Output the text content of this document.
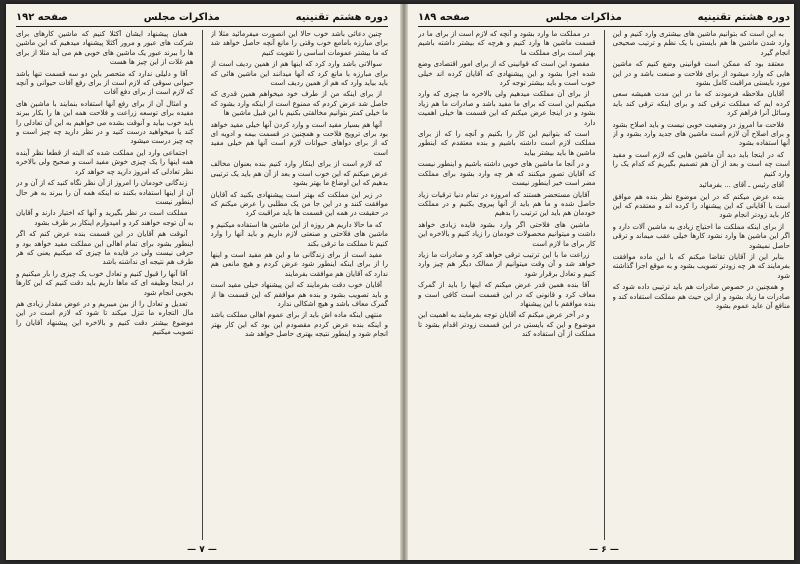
دوره هشتم تقنینیه
مذاکرات مجلس
صفحه ۱۹۲

چنین دعائی باشد خوب حالا این انصورت میفرمائید مثلا از برای مبارزه بامامع خوب وقتی را مانع آنچه حاصل خواهد شد که ما بیشتر عمومات اساسی را تقویت کنیم

سوالاتی باشد وارد کرد که اینها هم از همین ردیف است از برای مبارزه با مانع کرد که آنها میدانند این ماشین هائی که باید بیاید وارد که هم از همین ردیف است

از برای اینکه من از طرف خود میخواهم همین قدری که حاصل شد عرض کردم که ممنوع است از اینکه وارد بشود که ما خیلی کمتر بتوانیم مخالفتی بکنیم با این قبیل ماشین ها

آنها هم بسیار مفید است و وارد کردن آنها خیلی مفید خواهد بود برای ترویج فلاحت و همچنین در قسمت بیمه و ادویه ای که از برای دواهای حیوانات لازم است آنها هم خیلی مفید است

که لازم است از برای اینکار وارد کنیم بنده بعنوان مخالف عرض میکنم که این خوب است و بعد از آن هم باید یک ترتیبی بدهیم که این اوضاع ما بهتر بشود

در زیر این مملکت که بهتر است پیشنهادی بکنید که آقایان موافقت کنند و در این جا من یک مطلبی را عرض میکنم که در حقیقت در همه این قسمت ها باید مراقبت کرد

که ما حالا داریم هر روزه از این ماشین ها استفاده میکنیم و ماشین های فلاحتی و صنعتی لازم داریم و باید آنها را وارد کنیم تا مملکت ما ترقی بکند

مفید است از برای زندگانی ما و این هم مفید است و اینها را از برای اینکه اینطور شود عرض کردم و هیچ مانعی هم ندارد که آقایان هم موافقت بفرمایند

آقایان خوب دقت بفرمایند که این پیشنهاد خیلی مفید است و باید تصویب بشود و بنده هم موافقم که این قسمت ها از گمرک معاف باشد و هیچ اشکالی ندارد

منتهی اینکه ماده اش باید از برای عموم اهالی مملکت باشد و اینکه بنده عرض کردم مقصودم این بود که این کار بهتر انجام شود و اینطور نتیجه بهتری حاصل خواهد شد

همان پیشنهاد ایشان آکثلا کنیم که ماشین کارهای برای شرکت های عبور و مرور آکثلا پیشنهاد میدهیم که این ماشین ها را ببرند عبور یک ماشین های خوبی هم می آید مثلا از برای هم غلات از این چیز ها هست

آقا و دلیلی ندارد که متحصر باین دو سه قسمت تنها باشد حیوانی سوقی که لازم است از برای رفع آفات حیوانی و آنچه که لازم است از برای دفع آفات

و امثال آن از برای رفع آنها استفاده بنمایند با ماشین های مفیده برای توسعه زراعت و فلاحت همه این ها را بکار ببرند باید خوب بیاید و آنوقت بشده می خواهیم به این آن تعادلی را کند یا میخواهید درست کنید و در نظر دارید چه چیز است و چه چیز درست میشود

اجتماعی وارد این مملکت شده که البته از قطعا نظر آینده همه اینها را یک چیزی خوش مفید است و صحیح ولی بالاخره نظر تعادلی که امروز دارید چه خواهد کرد

زندگانی خودمان را امروز از آن نظر نگاه کنید که از آن و در آن از اینها استفاده بکنند نه اینکه همه آن را ببرند به هر حال اینطور نیست

مملکت است در نظر بگیرید و آنها که اختیار دارند و آقایان به آن توجه خواهند کرد و امیدوارم اینکار بر طرف بشود

آنوقت هم آقایان در این قسمت بنده عرض کنم که اگر اینطور بشود برای تمام اهالی این مملکت مفید خواهد بود و حرفی نیست ولی در فایده ما چیزی که میکنیم یعنی که هر طرف هم نتیجه ای نداشته باشد

آقا آنها را قبول کنیم و تعادل خوب یک چیزی را بار میکنیم و در اینجا وظیفه ای که ماها داریم باید دقت کنیم که این کارها بخوبی انجام شود

تعدیل و تعادل را از بین میبریم و در عوض مقدار زیادی هم مال التجاره ما تنزل میکند تا شود که لازم است در این موضوع بیشتر دقت کنیم و بالاخره این پیشنهاد آقایان را تصویب میکنیم

— ۷ —
دوره هشتم تقنینیه
مذاکرات مجلس
صفحه ۱۸۹

به این است که بتوانیم ماشین های بیشتری وارد کنیم و این وارد شدن ماشین ها هم بایستی با یک نظم و ترتیب صحیحی انجام گیرد

معتقد بود که ممکن است قوانینی وضع کنیم که ماشین هایی که وارد میشود از برای فلاحت و صنعت باشد و در این مورد بایستی مراقبت کامل بشود

آقایان ملاحظه فرمودند که ما در این مدت همیشه سعی کرده ایم که مملکت ترقی کند و برای اینکه ترقی کند باید وسائل آنرا فراهم کرد

فلاحت ما امروز در وضعیت خوبی نیست و باید اصلاح بشود و برای اصلاح آن لازم است ماشین های جدید وارد بشود و از آنها استفاده بشود

که در اینجا باید دید آن ماشین هایی که لازم است و مفید است چه است و بعد از آن هم تصمیم بگیریم که کدام یک را وارد کنیم

آقای رئیس ـ آقای ... بفرمائید

بنده عرض میکنم که در این موضوع نظر بنده هم موافق است با آقایانی که این پیشنهاد را کرده اند و معتقدم که این کار باید زودتر انجام شود

از برای اینکه مملکت ما احتیاج زیادی به ماشین آلات دارد و اگر این ماشین ها وارد نشود کارها خیلی عقب میماند و ترقی حاصل نمیشود

بنابر این از آقایان تقاضا میکنم که با این ماده موافقت بفرمایند که هر چه زودتر تصویب بشود و به موقع اجرا گذاشته شود

و همچنین در خصوص صادرات هم باید ترتیبی داده شود که صادرات ما زیاد بشود و از این حیث هم مملکت استفاده کند و منافع آن عاید عموم بشود

در مملکت ما وارد بشود و آنچه که لازم است از برای ما در قسمت ماشین ها وارد کنیم و هرچه که بیشتر داشته باشیم بهتر است برای مملکت ما

مقصود این است که قوانینی که از برای امور اقتصادی وضع شده اجرا بشود و این پیشنهادی که آقایان کرده اند خیلی خوب است و باید بیشتر توجه کرد

از برای آن مملکت میدهیم ولی بالاخره ما چیزی که وارد میکنیم این است که برای ما مفید باشد و صادرات ما هم زیاد بشود و در اینجا عرض میکنم که این قسمت ها خیلی اهمیت دارد

است که بتوانیم این کار را بکنیم و آنچه را که از برای مملکت لازم است داشته باشیم و بنده معتقدم که اینطور ماشین ها باید بیشتر بیاید

و در آنجا ما ماشین های خوبی داشته باشیم و اینطور نیست که آقایان تصور میکنند که هر چه وارد بشود برای مملکت مضر است خیر اینطور نیست

آقایان مستحضر هستند که امروزه در تمام دنیا ترقیات زیاد حاصل شده و ما هم باید از آنها پیروی بکنیم و در مملکت خودمان هم باید این ترتیب را بدهیم

ماشین های فلاحتی اگر وارد بشود فایده زیادی خواهد داشت و میتوانیم محصولات خودمان را زیاد کنیم و بالاخره این کار برای ما لازم است

زراعت ما با این ترتیب ترقی خواهد کرد و صادرات ما زیاد خواهد شد و آن وقت میتوانیم از ممالک دیگر هم چیز وارد کنیم و تعادل برقرار شود

آقا بنده همین قدر عرض میکنم که اینها را باید از گمرک معاف کرد و قانونی که در این قسمت است کافی است و بنده موافقم با این پیشنهاد

و در آخر عرض میکنم که آقایان توجه بفرمایند به اهمیت این موضوع و این که بایستی در این قسمت زودتر اقدام بشود تا مملکت از آن استفاده کند

— ۶ —
